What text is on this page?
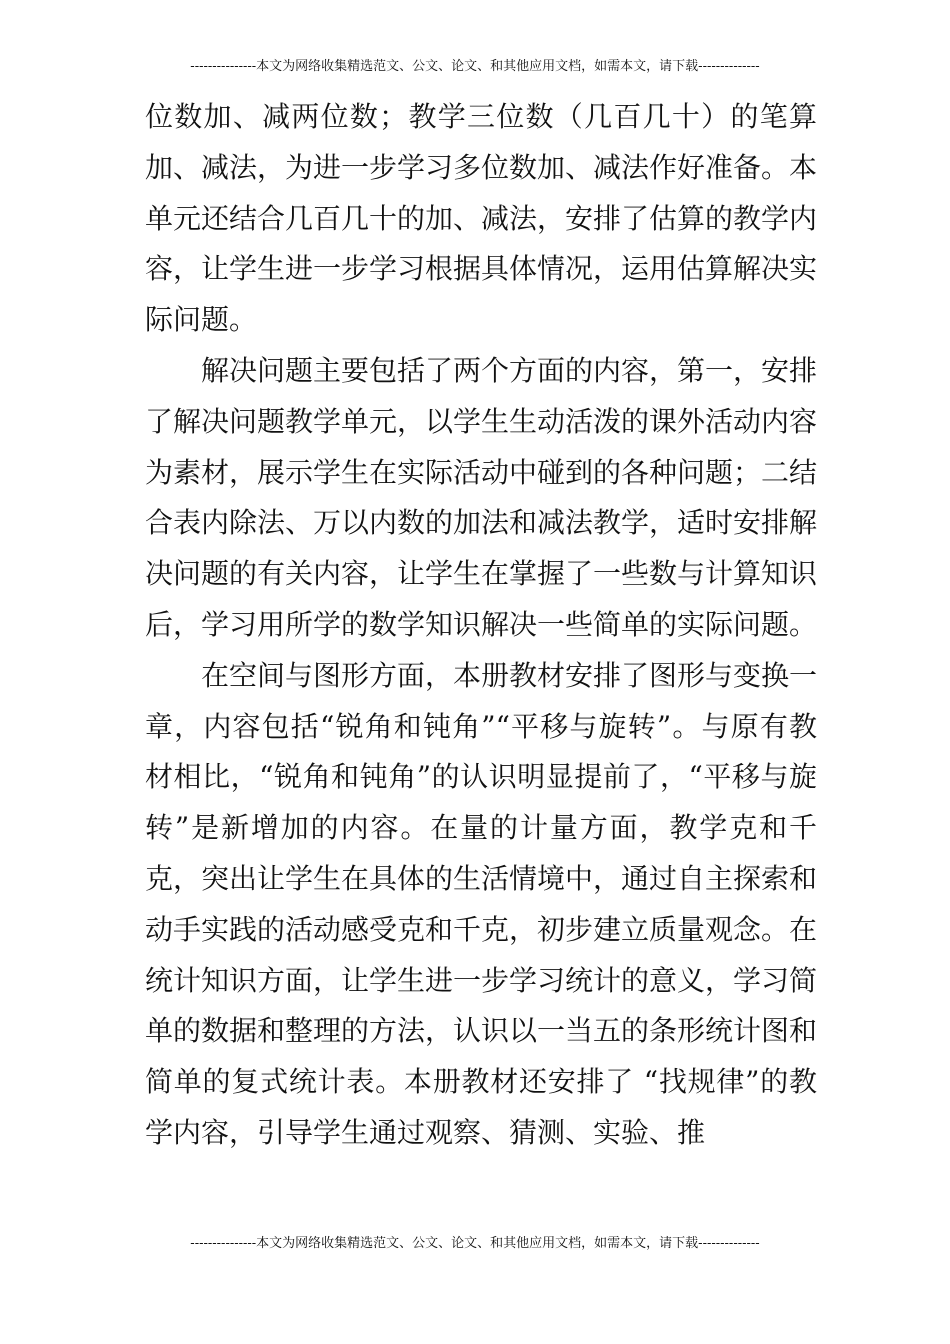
---------------本文为网络收集精选范文、公文、论文、和其他应用文档，如需本文，请下载--------------

位数加、减两位数；教学三位数（几百几十）的笔算加、减法，为进一步学习多位数加、减法作好准备。本单元还结合几百几十的加、减法，安排了估算的教学内容，让学生进一步学习根据具体情况，运用估算解决实际问题。

解决问题主要包括了两个方面的内容，第一，安排了解决问题教学单元，以学生生动活泼的课外活动内容为素材，展示学生在实际活动中碰到的各种问题；二结合表内除法、万以内数的加法和减法教学，适时安排解决问题的有关内容，让学生在掌握了一些数与计算知识后，学习用所学的数学知识解决一些简单的实际问题。

在空间与图形方面，本册教材安排了图形与变换一章，内容包括“锐角和钝角”“平移与旋转”。与原有教材相比，“锐角和钝角”的认识明显提前了，“平移与旋转”是新增加的内容。在量的计量方面，教学克和千克，突出让学生在具体的生活情境中，通过自主探索和动手实践的活动感受克和千克，初步建立质量观念。在统计知识方面，让学生进一步学习统计的意义，学习简单的数据和整理的方法，认识以一当五的条形统计图和简单的复式统计表。本册教材还安排了 “找规律”的教学内容，引导学生通过观察、猜测、实验、推

---------------本文为网络收集精选范文、公文、论文、和其他应用文档，如需本文，请下载--------------
